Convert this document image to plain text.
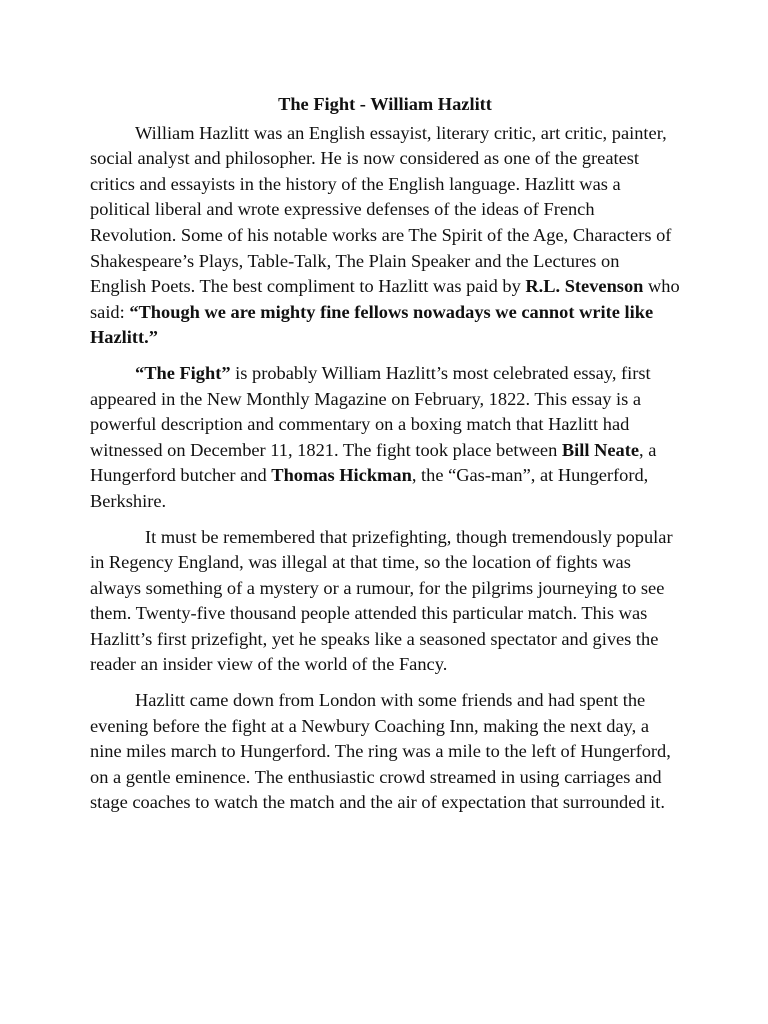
The Fight - William Hazlitt

William Hazlitt was an English essayist, literary critic, art critic, painter, social analyst and philosopher. He is now considered as one of the greatest critics and essayists in the history of the English language. Hazlitt was a political liberal and wrote expressive defenses of the ideas of French Revolution. Some of his notable works are The Spirit of the Age, Characters of Shakespeare’s Plays, Table-Talk, The Plain Speaker and the Lectures on English Poets. The best compliment to Hazlitt was paid by R.L. Stevenson who said: “Though we are mighty fine fellows nowadays we cannot write like Hazlitt.”

“The Fight” is probably William Hazlitt’s most celebrated essay, first appeared in the New Monthly Magazine on February, 1822. This essay is a powerful description and commentary on a boxing match that Hazlitt had witnessed on December 11, 1821. The fight took place between Bill Neate, a Hungerford butcher and Thomas Hickman, the “Gas-man”, at Hungerford, Berkshire.

It must be remembered that prizefighting, though tremendously popular in Regency England, was illegal at that time, so the location of fights was always something of a mystery or a rumour, for the pilgrims journeying to see them. Twenty-five thousand people attended this particular match. This was Hazlitt’s first prizefight, yet he speaks like a seasoned spectator and gives the reader an insider view of the world of the Fancy.

Hazlitt came down from London with some friends and had spent the evening before the fight at a Newbury Coaching Inn, making the next day, a nine miles march to Hungerford. The ring was a mile to the left of Hungerford, on a gentle eminence. The enthusiastic crowd streamed in using carriages and stage coaches to watch the match and the air of expectation that surrounded it.
